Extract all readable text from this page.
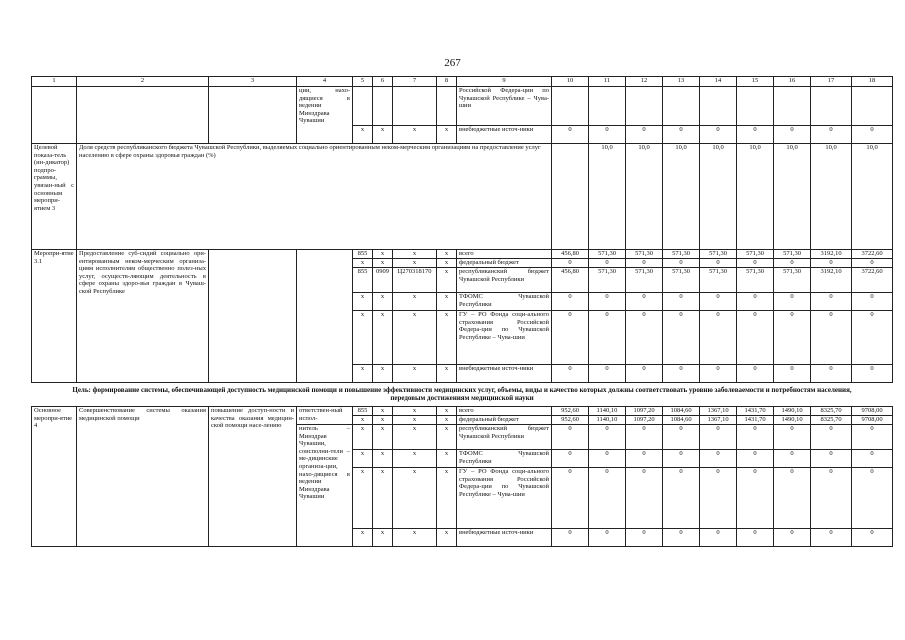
267
1	2	3	4	5	6	7	8	9	10	11	12	13	14	15	16	17	18	
			ции, нахо-дящиеся в ведении Минздрава Чувашии					Российской Федера-ции по Чувашской Республике – Чува-шии										
				x	x	x	x	внебюджетные источ-ники	0	0	0	0	0	0	0	0	0	
Целевой показа-тель (ин-дикатор) подпро-граммы, увязан-ный с основным меропри-ятием 3	Доля средств республиканского бюджета Чувашской Республики, выделяемых социально ориентированным неком-мерческим организациям на предоставление услуг населению в сфере охраны здоровья граждан (%)									10,0	10,0	10,0	10,0	10,0	10,0	10,0	10,0	
Меропри-ятие 3.1	Предоставление суб-сидий социально ори-ентированным неком-мерческим организа-циям исполнителям общественно полез-ных услуг, осуществ-ляющим деятельность в сфере охраны здоро-вья граждан в Чуваш-ской Республике			855	x	x	x	всего	456,80	571,30	571,30	571,30	571,30	571,30	571,30	3192,10	3722,60	
				x	x	x	x	федеральный бюджет	0	0	0	0	0	0	0	0	0	
				855	0909	Ц270318170	x	республиканский бюджет Чувашской Республики	456,80	571,30	571,30	571,30	571,30	571,30	571,30	3192,10	3722,60	
				x	x	x	x	ТФОМС Чувашской Республики	0	0	0	0	0	0	0	0	0	
				x	x	x	x	ГУ – РО Фонда соци-ального страхования Российской Федера-ции по Чувашской Республике – Чува-шии	0	0	0	0	0	0	0	0	0	
				x	x	x	x	внебюджетные источ-ники	0	0	0	0	0	0	0	0	0	
Цель: формирование системы, обеспечивающей доступность медицинской помощи и повышение эффективности медицинских услуг, объемы, виды и качество которых должны соответствовать уровню заболеваемости и потребностям населения, передовым достижениям медицинской науки																		
Основное меропри-ятие 4	Совершенствование системы оказания медицинской помощи	повышение доступ-ности и качества оказания медицин-ской помощи насе-лению	ответствен-ный испол-	855	x	x	x	всего	952,60	1140,10	1097,20	1084,60	1367,10	1431,70	1490,10	8325,70	9708,00	
				x	x	x	x	федеральный бюджет	952,60	1140,10	1097,20	1084,60	1367,10	1431,70	1490,10	8325,70	9708,00	
			нитель – Минздрав Чувашии, соисполни-тели – ме-дицинские организа-ции, нахо-дящиеся в ведении Минздрава Чувашии	x	x	x	x	республиканский бюджет Чувашской Республики	0	0	0	0	0	0	0	0	0	
				x	x	x	x	ТФОМС Чувашской Республики	0	0	0	0	0	0	0	0	0	
				x	x	x	x	ГУ – РО Фонда соци-ального страхования Российской Федера-ции по Чувашской Республике – Чува-шии	0	0	0	0	0	0	0	0	0	
				x	x	x	x	внебюджетные источ-ники	0	0	0	0	0	0	0	0	0	
